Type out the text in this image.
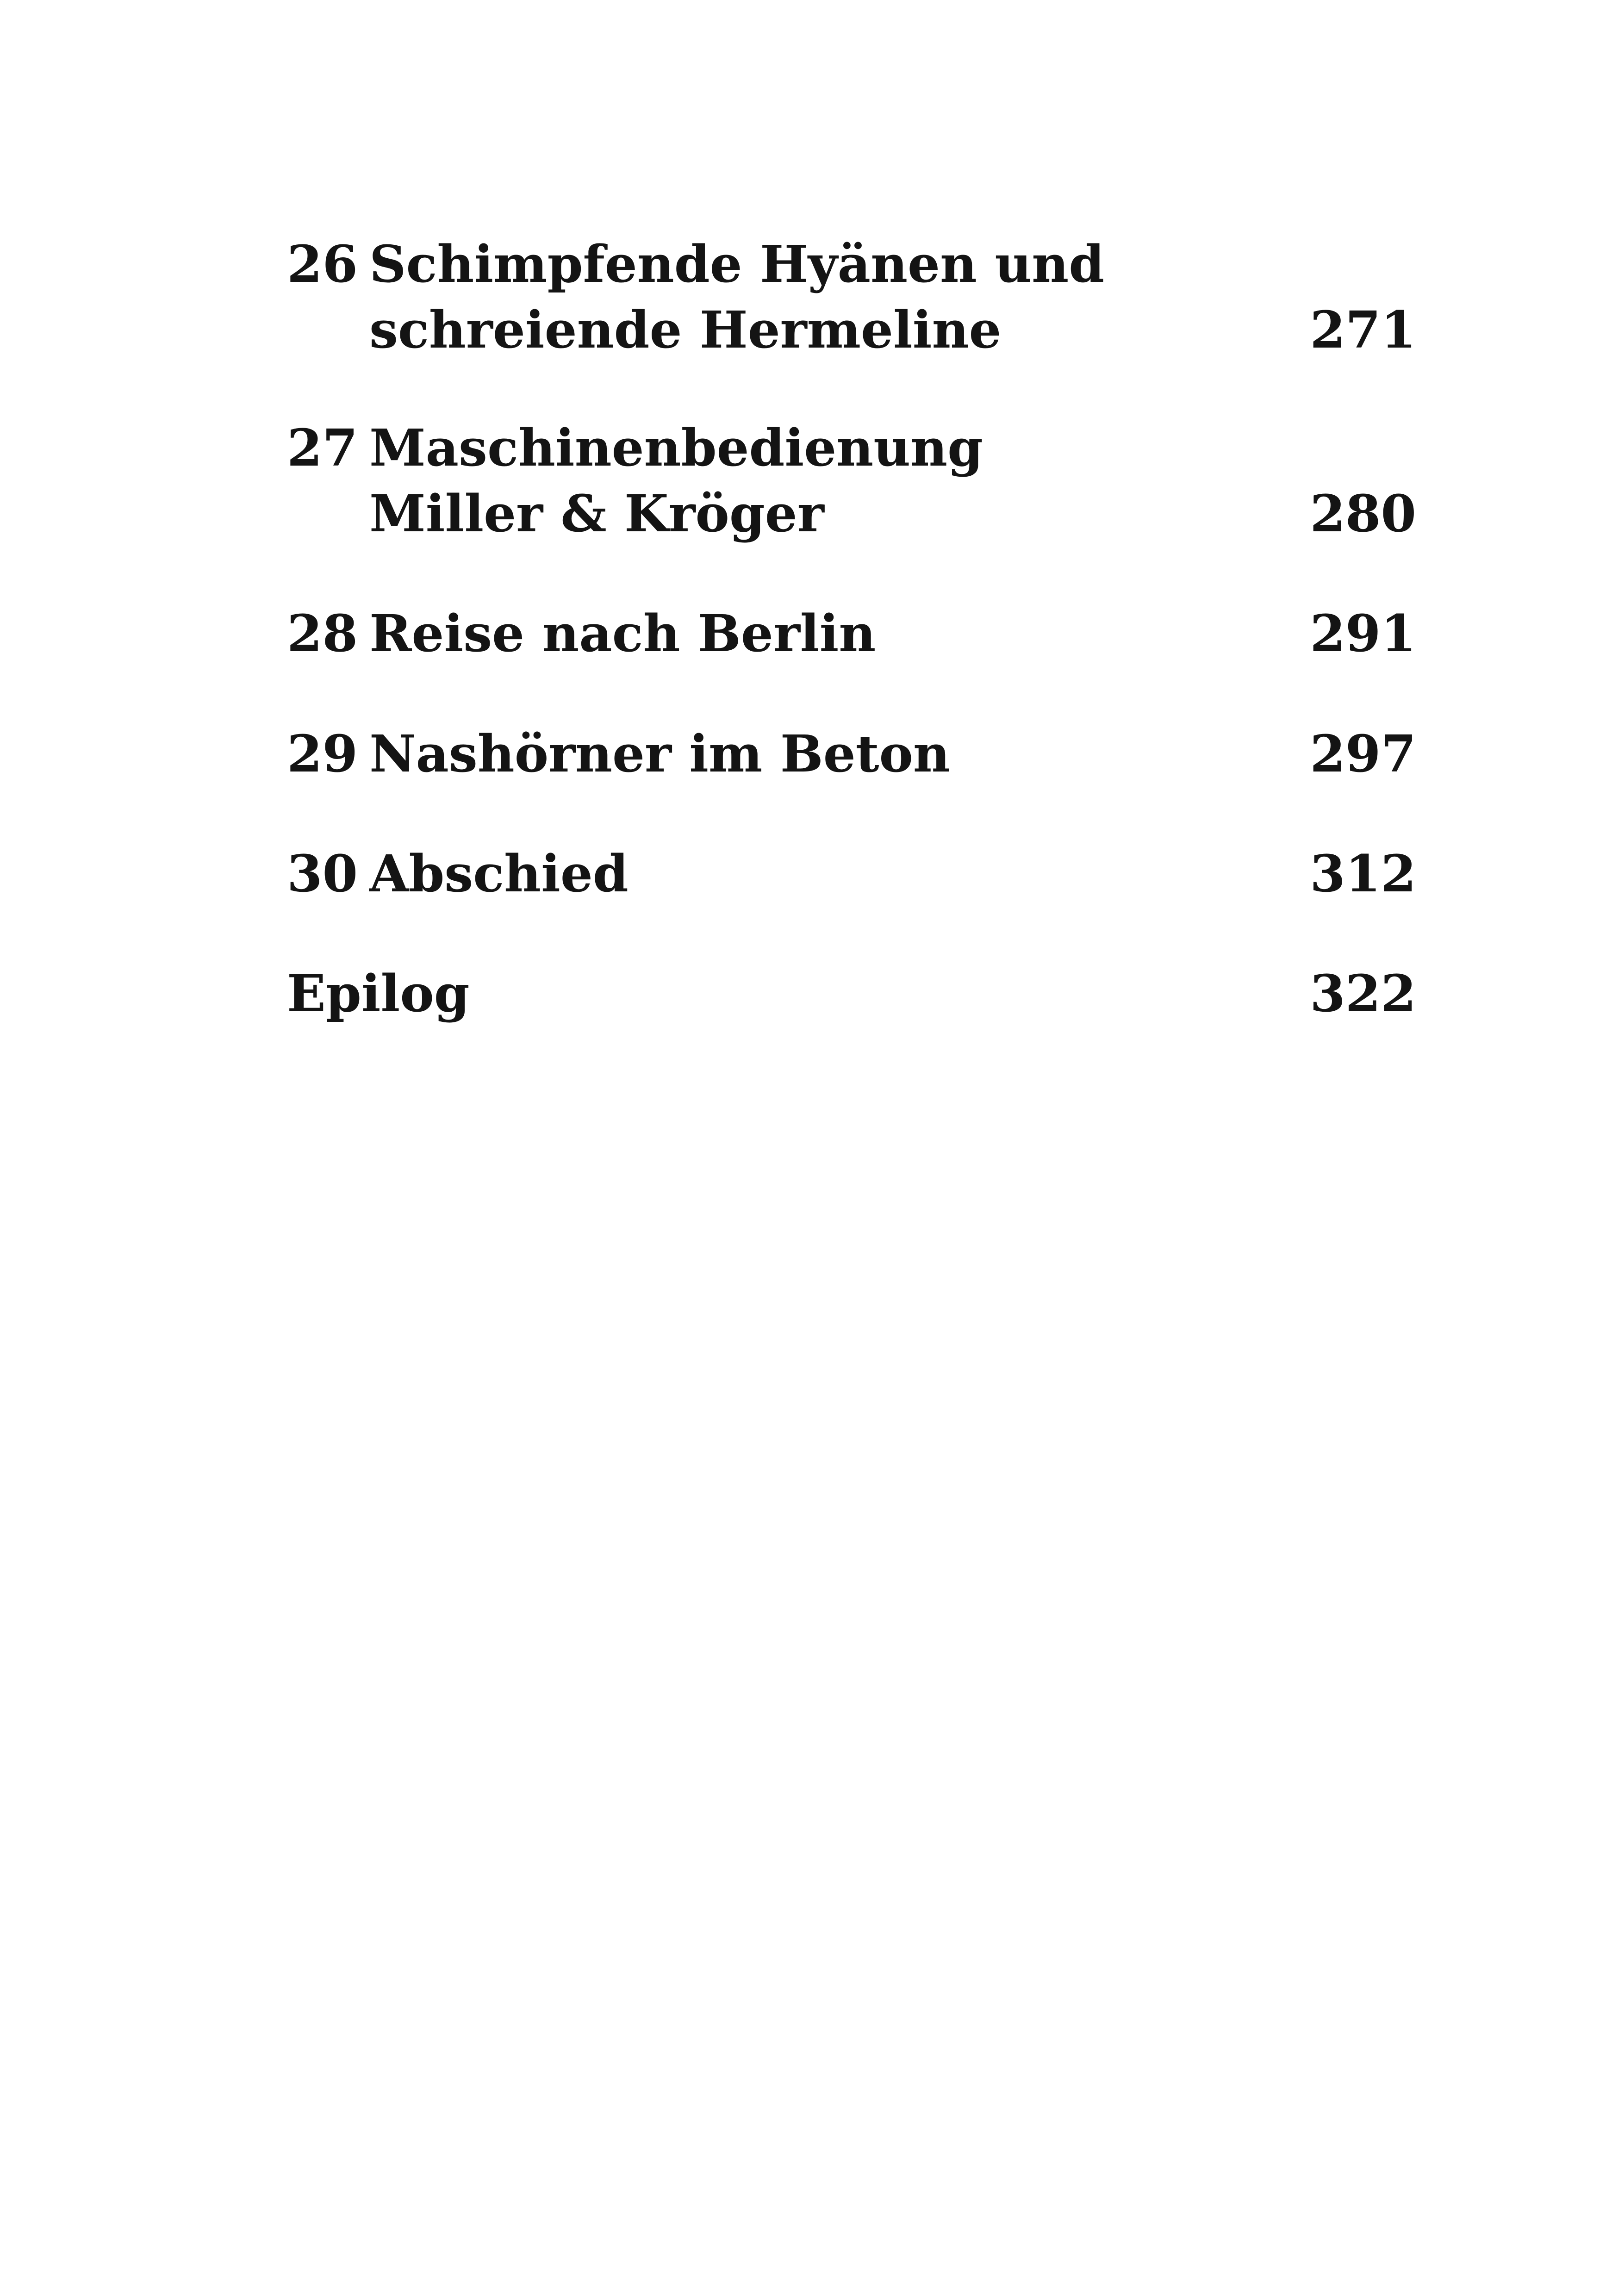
26 Schimpfende Hyänen und
schreiende Hermeline	271
27 Maschinenbedienung
Miller & Kröger	280
28 Reise nach Berlin	291
29 Nashörner im Beton	297
30 Abschied	312
Epilog	322
